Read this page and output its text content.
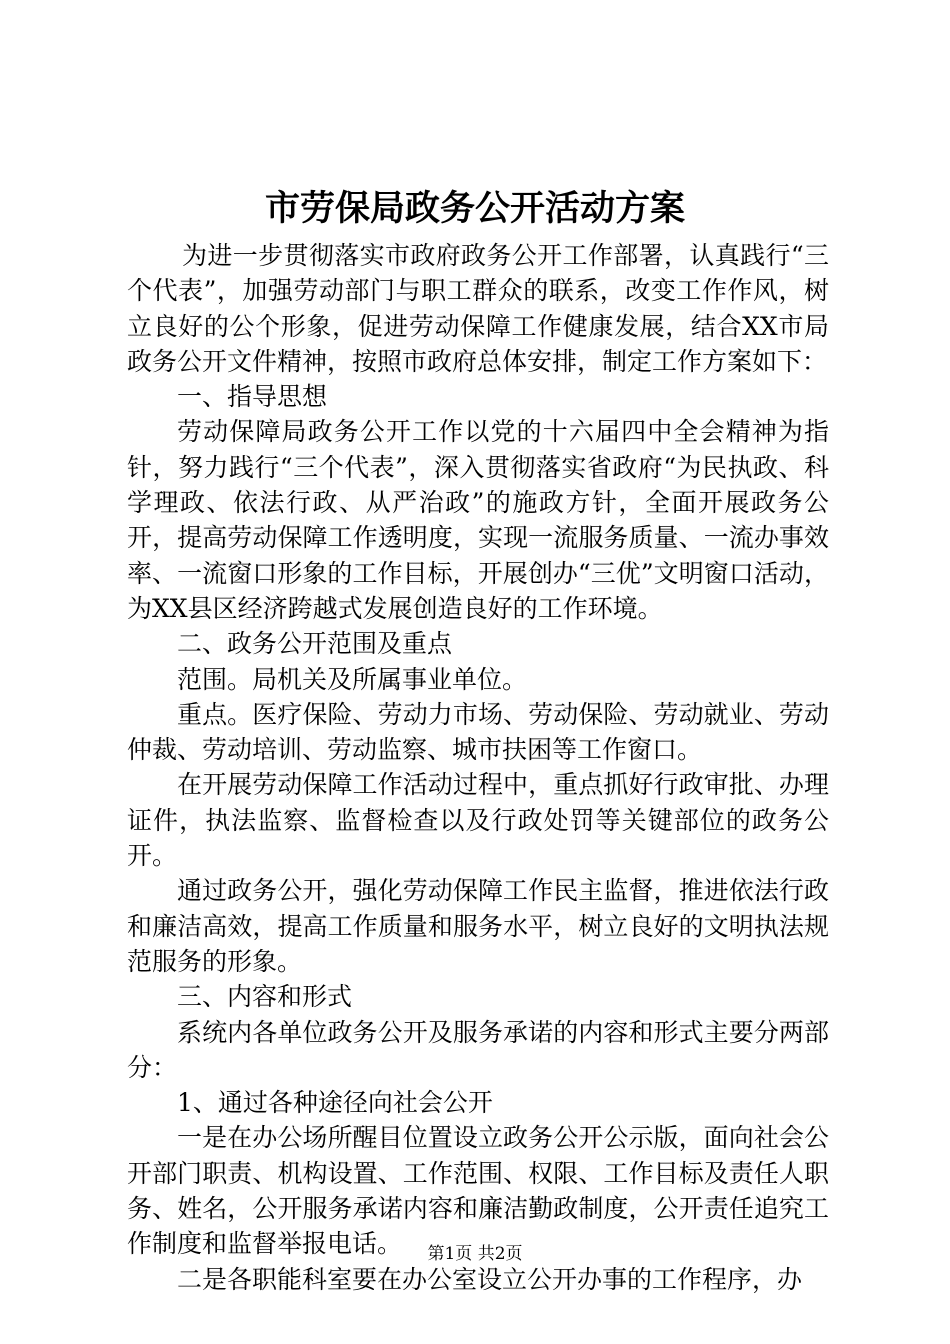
市劳保局政务公开活动方案

为进一步贯彻落实市政府政务公开工作部署，认真践行“三个代表”，加强劳动部门与职工群众的联系，改变工作作风，树立良好的公个形象，促进劳动保障工作健康发展，结合XX市局政务公开文件精神，按照市政府总体安排，制定工作方案如下：

一、指导思想

劳动保障局政务公开工作以党的十六届四中全会精神为指针，努力践行“三个代表”，深入贯彻落实省政府“为民执政、科学理政、依法行政、从严治政”的施政方针，全面开展政务公开，提高劳动保障工作透明度，实现一流服务质量、一流办事效率、一流窗口形象的工作目标，开展创办“三优”文明窗口活动，为XX县区经济跨越式发展创造良好的工作环境。

二、政务公开范围及重点

范围。局机关及所属事业单位。

重点。医疗保险、劳动力市场、劳动保险、劳动就业、劳动仲裁、劳动培训、劳动监察、城市扶困等工作窗口。

在开展劳动保障工作活动过程中，重点抓好行政审批、办理证件，执法监察、监督检查以及行政处罚等关键部位的政务公开。

通过政务公开，强化劳动保障工作民主监督，推进依法行政和廉洁高效，提高工作质量和服务水平，树立良好的文明执法规范服务的形象。

三、内容和形式

系统内各单位政务公开及服务承诺的内容和形式主要分两部分：

1、通过各种途径向社会公开

一是在办公场所醒目位置设立政务公开公示版，面向社会公开部门职责、机构设置、工作范围、权限、工作目标及责任人职务、姓名，公开服务承诺内容和廉洁勤政制度，公开责任追究工作制度和监督举报电话。

二是各职能科室要在办公室设立公开办事的工作程序，办

第1页 共2页
